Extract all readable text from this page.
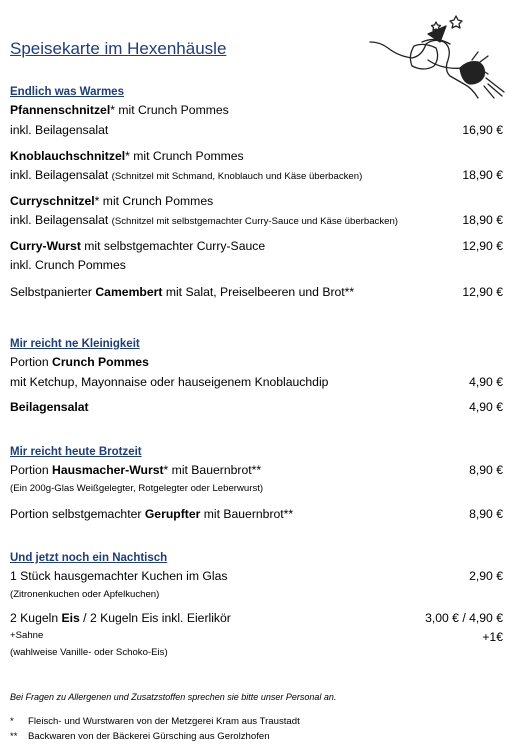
Speisekarte im Hexenhäusle
Endlich was Warmes
Pfannenschnitzel* mit Crunch Pommes
inkl. Beilagensalat	16,90 €
Knoblauchschnitzel* mit Crunch Pommes
inkl. Beilagensalat (Schnitzel mit Schmand, Knoblauch und Käse überbacken)	18,90 €
Curryschnitzel* mit Crunch Pommes
inkl. Beilagensalat (Schnitzel mit selbstgemachter Curry-Sauce und Käse überbacken)	18,90 €
Curry-Wurst mit selbstgemachter Curry-Sauce	12,90 €
inkl. Crunch Pommes
Selbstpanierter Camembert mit Salat, Preiselbeeren und Brot**	12,90 €
Mir reicht ne Kleinigkeit
Portion Crunch Pommes
mit Ketchup, Mayonnaise oder hauseigenem Knoblauchdip	4,90 €
Beilagensalat	4,90 €
Mir reicht heute Brotzeit
Portion Hausmacher-Wurst* mit Bauernbrot**	8,90 €
(Ein 200g-Glas Weißgelegter, Rotgelegter oder Leberwurst)
Portion selbstgemachter Gerupfter mit Bauernbrot**	8,90 €
Und jetzt noch ein Nachtisch
1 Stück hausgemachter Kuchen im Glas	2,90 €
(Zitronenkuchen oder Apfelkuchen)
2 Kugeln Eis / 2 Kugeln Eis inkl. Eierlikör	3,00 € / 4,90 €
+Sahne	+1€
(wahlweise Vanille- oder Schoko-Eis)
Bei Fragen zu Allergenen und Zusatzstoffen sprechen sie bitte unser Personal an.
* Fleisch- und Wurstwaren von der Metzgerei Kram aus Traustadt
** Backwaren von der Bäckerei Gürsching aus Gerolzhofen
